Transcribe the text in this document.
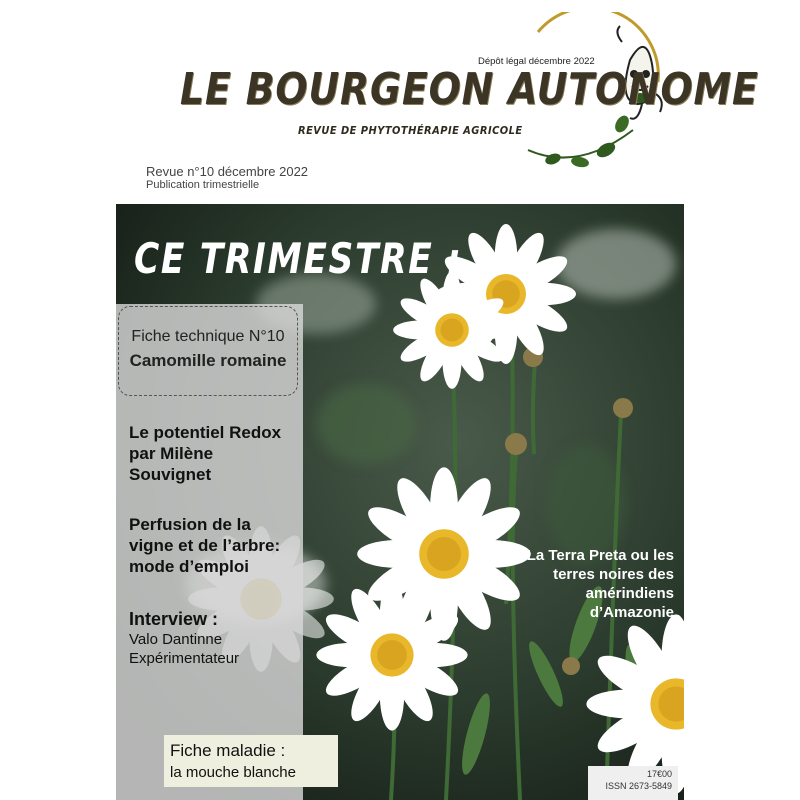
Dépôt légal décembre 2022
LE BOURGEON AUTONOME
REVUE DE PHYTOTHÉRAPIE AGRICOLE
Revue n°10 décembre 2022
Publication trimestrielle
CE TRIMESTRE :
Fiche technique N°10
Camomille romaine
Le potentiel Redox par Milène Souvignet
Perfusion de la vigne et de l’arbre: mode d’emploi
Interview :
Valo Dantinne Expérimentateur
Fiche maladie :
la mouche blanche
La Terra Preta ou les terres noires des amérindiens d’Amazonie
17€00
ISSN 2673-5849
